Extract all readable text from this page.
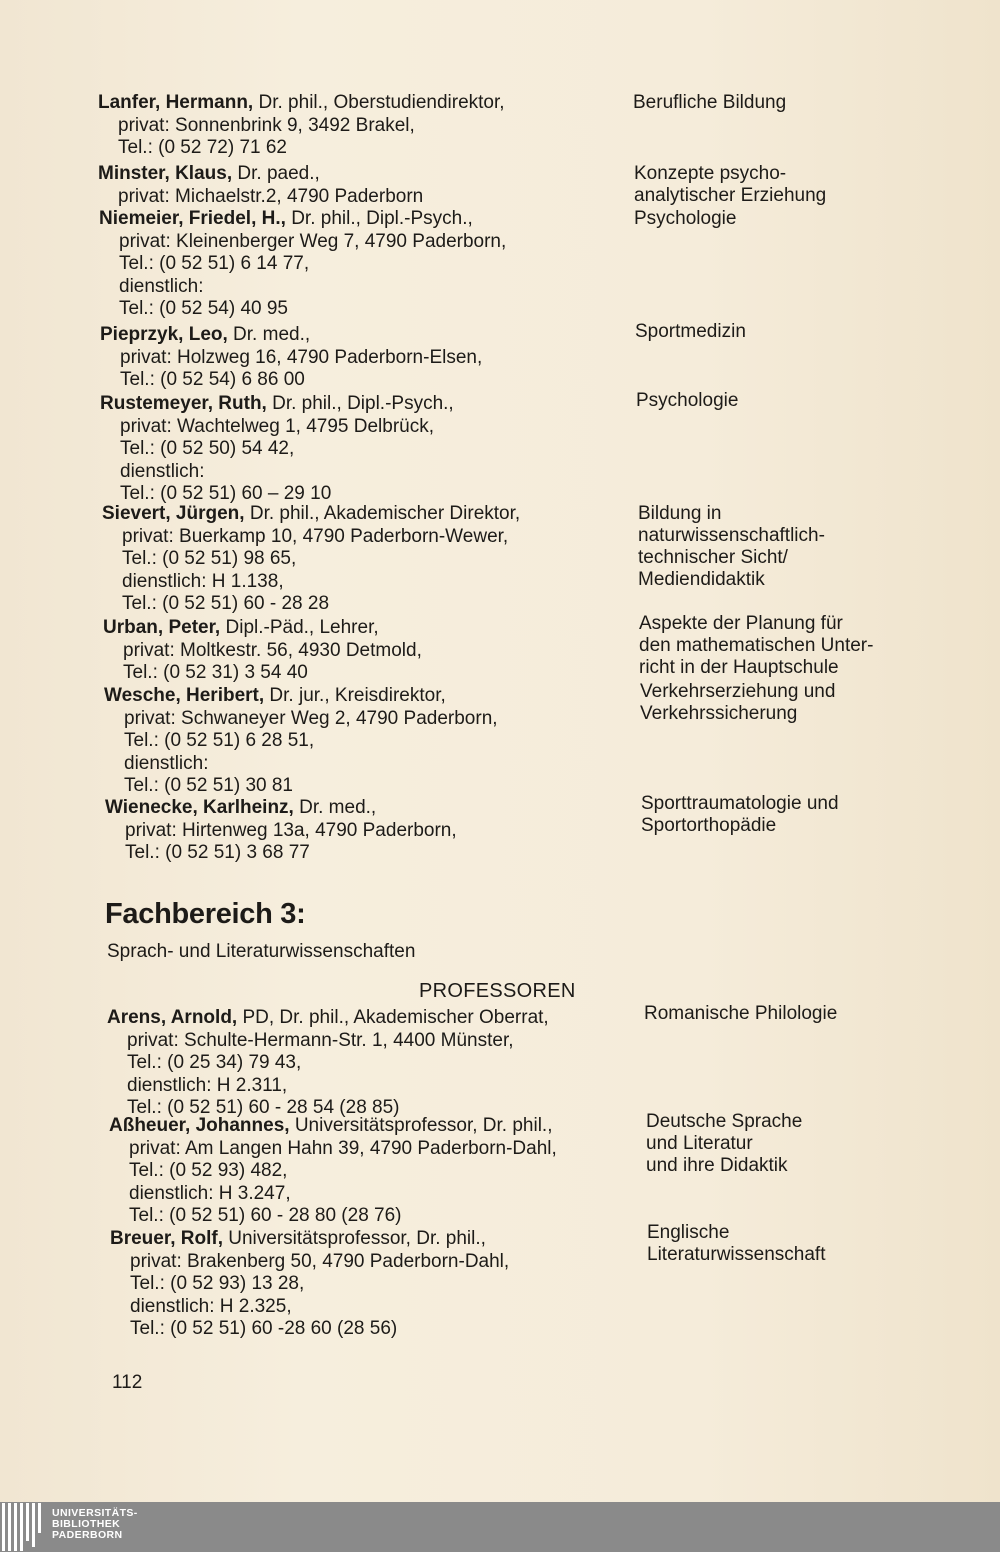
Lanfer, Hermann, Dr. phil., Oberstudiendirektor,
privat: Sonnenbrink 9, 3492 Brakel,
Tel.: (0 52 72) 71 62
Berufliche Bildung
Minster, Klaus, Dr. paed.,
privat: Michaelstr.2, 4790 Paderborn
Konzepte psycho-
analytischer Erziehung
Niemeier, Friedel, H., Dr. phil., Dipl.-Psych.,
privat: Kleinenberger Weg 7, 4790 Paderborn,
Tel.: (0 52 51) 6 14 77,
dienstlich:
Tel.: (0 52 54) 40 95
Psychologie
Pieprzyk, Leo, Dr. med.,
privat: Holzweg 16, 4790 Paderborn-Elsen,
Tel.: (0 52 54) 6 86 00
Sportmedizin
Rustemeyer, Ruth, Dr. phil., Dipl.-Psych.,
privat: Wachtelweg 1, 4795 Delbrück,
Tel.: (0 52 50) 54 42,
dienstlich:
Tel.: (0 52 51) 60 – 29 10
Psychologie
Sievert, Jürgen, Dr. phil., Akademischer Direktor,
privat: Buerkamp 10, 4790 Paderborn-Wewer,
Tel.: (0 52 51) 98 65,
dienstlich: H 1.138,
Tel.: (0 52 51) 60 - 28 28
Bildung in
naturwissenschaftlich-
technischer Sicht/
Mediendidaktik
Urban, Peter, Dipl.-Päd., Lehrer,
privat: Moltkestr. 56, 4930 Detmold,
Tel.: (0 52 31) 3 54 40
Aspekte der Planung für
den mathematischen Unter-
richt in der Hauptschule
Wesche, Heribert, Dr. jur., Kreisdirektor,
privat: Schwaneyer Weg 2, 4790 Paderborn,
Tel.: (0 52 51) 6 28 51,
dienstlich:
Tel.: (0 52 51) 30 81
Verkehrserziehung und
Verkehrssicherung
Wienecke, Karlheinz, Dr. med.,
privat: Hirtenweg 13a, 4790 Paderborn,
Tel.: (0 52 51) 3 68 77
Sporttraumatologie und
Sportorthopädie
Fachbereich 3:
Sprach- und Literaturwissenschaften
PROFESSOREN
Arens, Arnold, PD, Dr. phil., Akademischer Oberrat,
privat: Schulte-Hermann-Str. 1, 4400 Münster,
Tel.: (0 25 34) 79 43,
dienstlich: H 2.311,
Tel.: (0 52 51) 60 - 28 54 (28 85)
Romanische Philologie
Aßheuer, Johannes, Universitätsprofessor, Dr. phil.,
privat: Am Langen Hahn 39, 4790 Paderborn-Dahl,
Tel.: (0 52 93) 482,
dienstlich: H 3.247,
Tel.: (0 52 51) 60 - 28 80 (28 76)
Deutsche Sprache
und Literatur
und ihre Didaktik
Breuer, Rolf, Universitätsprofessor, Dr. phil.,
privat: Brakenberg 50, 4790 Paderborn-Dahl,
Tel.: (0 52 93) 13 28,
dienstlich: H 2.325,
Tel.: (0 52 51) 60 -28 60 (28 56)
Englische
Literaturwissenschaft
112
UNIVERSITÄTS-
BIBLIOTHEK
PADERBORN
